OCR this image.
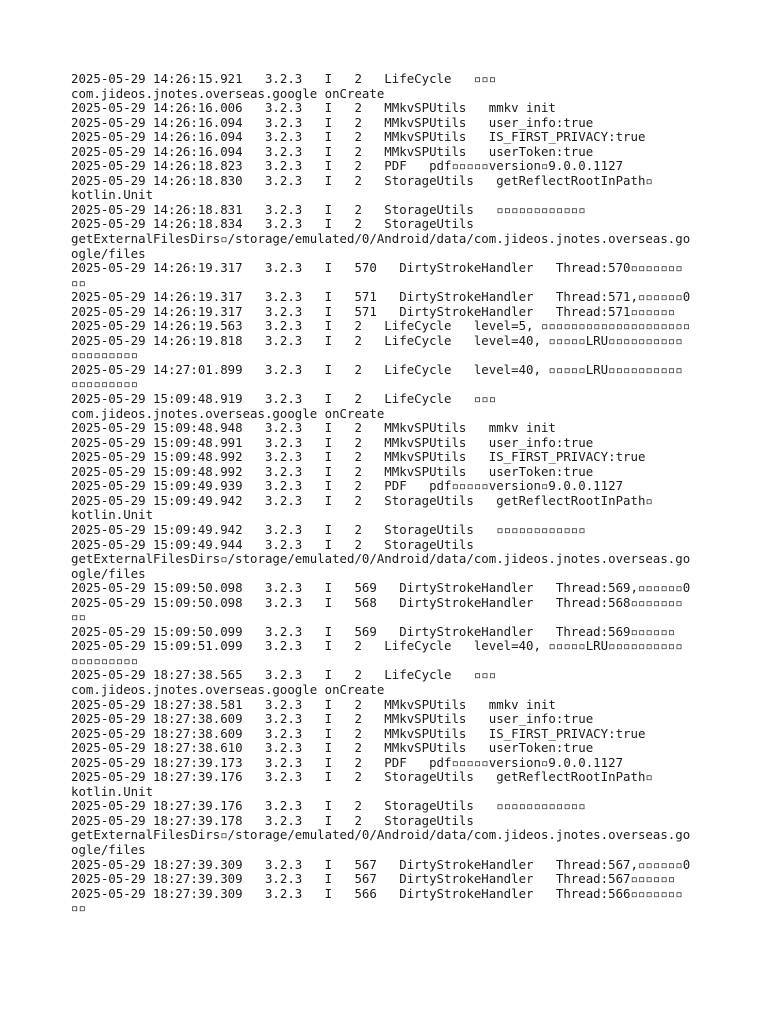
2025-05-29 14:26:15.921   3.2.3   I   2   LifeCycle   ▫▫▫
com.jideos.jnotes.overseas.google onCreate
2025-05-29 14:26:16.006   3.2.3   I   2   MMkvSPUtils   mmkv init
2025-05-29 14:26:16.094   3.2.3   I   2   MMkvSPUtils   user_info:true
2025-05-29 14:26:16.094   3.2.3   I   2   MMkvSPUtils   IS_FIRST_PRIVACY:true
2025-05-29 14:26:16.094   3.2.3   I   2   MMkvSPUtils   userToken:true
2025-05-29 14:26:18.823   3.2.3   I   2   PDF   pdf▫▫▫▫▫version▫9.0.0.1127
2025-05-29 14:26:18.830   3.2.3   I   2   StorageUtils   getReflectRootInPath▫
kotlin.Unit
2025-05-29 14:26:18.831   3.2.3   I   2   StorageUtils   ▫▫▫▫▫▫▫▫▫▫▫▫
2025-05-29 14:26:18.834   3.2.3   I   2   StorageUtils
getExternalFilesDirs▫/storage/emulated/0/Android/data/com.jideos.jnotes.overseas.go
ogle/files
2025-05-29 14:26:19.317   3.2.3   I   570   DirtyStrokeHandler   Thread:570▫▫▫▫▫▫▫
▫▫
2025-05-29 14:26:19.317   3.2.3   I   571   DirtyStrokeHandler   Thread:571,▫▫▫▫▫▫0
2025-05-29 14:26:19.317   3.2.3   I   571   DirtyStrokeHandler   Thread:571▫▫▫▫▫▫
2025-05-29 14:26:19.563   3.2.3   I   2   LifeCycle   level=5, ▫▫▫▫▫▫▫▫▫▫▫▫▫▫▫▫▫▫▫▫
2025-05-29 14:26:19.818   3.2.3   I   2   LifeCycle   level=40, ▫▫▫▫▫LRU▫▫▫▫▫▫▫▫▫▫
▫▫▫▫▫▫▫▫▫
2025-05-29 14:27:01.899   3.2.3   I   2   LifeCycle   level=40, ▫▫▫▫▫LRU▫▫▫▫▫▫▫▫▫▫
▫▫▫▫▫▫▫▫▫
2025-05-29 15:09:48.919   3.2.3   I   2   LifeCycle   ▫▫▫
com.jideos.jnotes.overseas.google onCreate
2025-05-29 15:09:48.948   3.2.3   I   2   MMkvSPUtils   mmkv init
2025-05-29 15:09:48.991   3.2.3   I   2   MMkvSPUtils   user_info:true
2025-05-29 15:09:48.992   3.2.3   I   2   MMkvSPUtils   IS_FIRST_PRIVACY:true
2025-05-29 15:09:48.992   3.2.3   I   2   MMkvSPUtils   userToken:true
2025-05-29 15:09:49.939   3.2.3   I   2   PDF   pdf▫▫▫▫▫version▫9.0.0.1127
2025-05-29 15:09:49.942   3.2.3   I   2   StorageUtils   getReflectRootInPath▫
kotlin.Unit
2025-05-29 15:09:49.942   3.2.3   I   2   StorageUtils   ▫▫▫▫▫▫▫▫▫▫▫▫
2025-05-29 15:09:49.944   3.2.3   I   2   StorageUtils
getExternalFilesDirs▫/storage/emulated/0/Android/data/com.jideos.jnotes.overseas.go
ogle/files
2025-05-29 15:09:50.098   3.2.3   I   569   DirtyStrokeHandler   Thread:569,▫▫▫▫▫▫0
2025-05-29 15:09:50.098   3.2.3   I   568   DirtyStrokeHandler   Thread:568▫▫▫▫▫▫▫
▫▫
2025-05-29 15:09:50.099   3.2.3   I   569   DirtyStrokeHandler   Thread:569▫▫▫▫▫▫
2025-05-29 15:09:51.099   3.2.3   I   2   LifeCycle   level=40, ▫▫▫▫▫LRU▫▫▫▫▫▫▫▫▫▫
▫▫▫▫▫▫▫▫▫
2025-05-29 18:27:38.565   3.2.3   I   2   LifeCycle   ▫▫▫
com.jideos.jnotes.overseas.google onCreate
2025-05-29 18:27:38.581   3.2.3   I   2   MMkvSPUtils   mmkv init
2025-05-29 18:27:38.609   3.2.3   I   2   MMkvSPUtils   user_info:true
2025-05-29 18:27:38.609   3.2.3   I   2   MMkvSPUtils   IS_FIRST_PRIVACY:true
2025-05-29 18:27:38.610   3.2.3   I   2   MMkvSPUtils   userToken:true
2025-05-29 18:27:39.173   3.2.3   I   2   PDF   pdf▫▫▫▫▫version▫9.0.0.1127
2025-05-29 18:27:39.176   3.2.3   I   2   StorageUtils   getReflectRootInPath▫
kotlin.Unit
2025-05-29 18:27:39.176   3.2.3   I   2   StorageUtils   ▫▫▫▫▫▫▫▫▫▫▫▫
2025-05-29 18:27:39.178   3.2.3   I   2   StorageUtils
getExternalFilesDirs▫/storage/emulated/0/Android/data/com.jideos.jnotes.overseas.go
ogle/files
2025-05-29 18:27:39.309   3.2.3   I   567   DirtyStrokeHandler   Thread:567,▫▫▫▫▫▫0
2025-05-29 18:27:39.309   3.2.3   I   567   DirtyStrokeHandler   Thread:567▫▫▫▫▫▫
2025-05-29 18:27:39.309   3.2.3   I   566   DirtyStrokeHandler   Thread:566▫▫▫▫▫▫▫
▫▫
